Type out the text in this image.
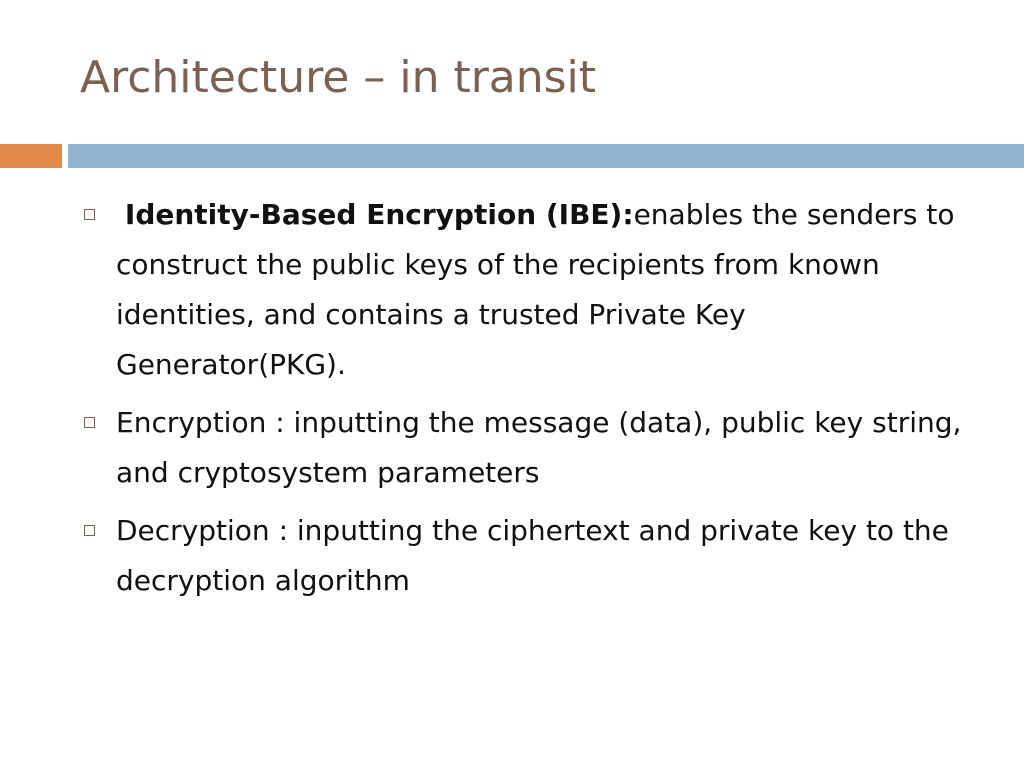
Architecture – in transit
Identity-Based Encryption (IBE):enables the senders to construct the public keys of the recipients from known identities, and contains a trusted Private Key Generator(PKG).
Encryption : inputting the message (data), public key string, and cryptosystem parameters
Decryption : inputting the ciphertext and private key to the decryption algorithm
